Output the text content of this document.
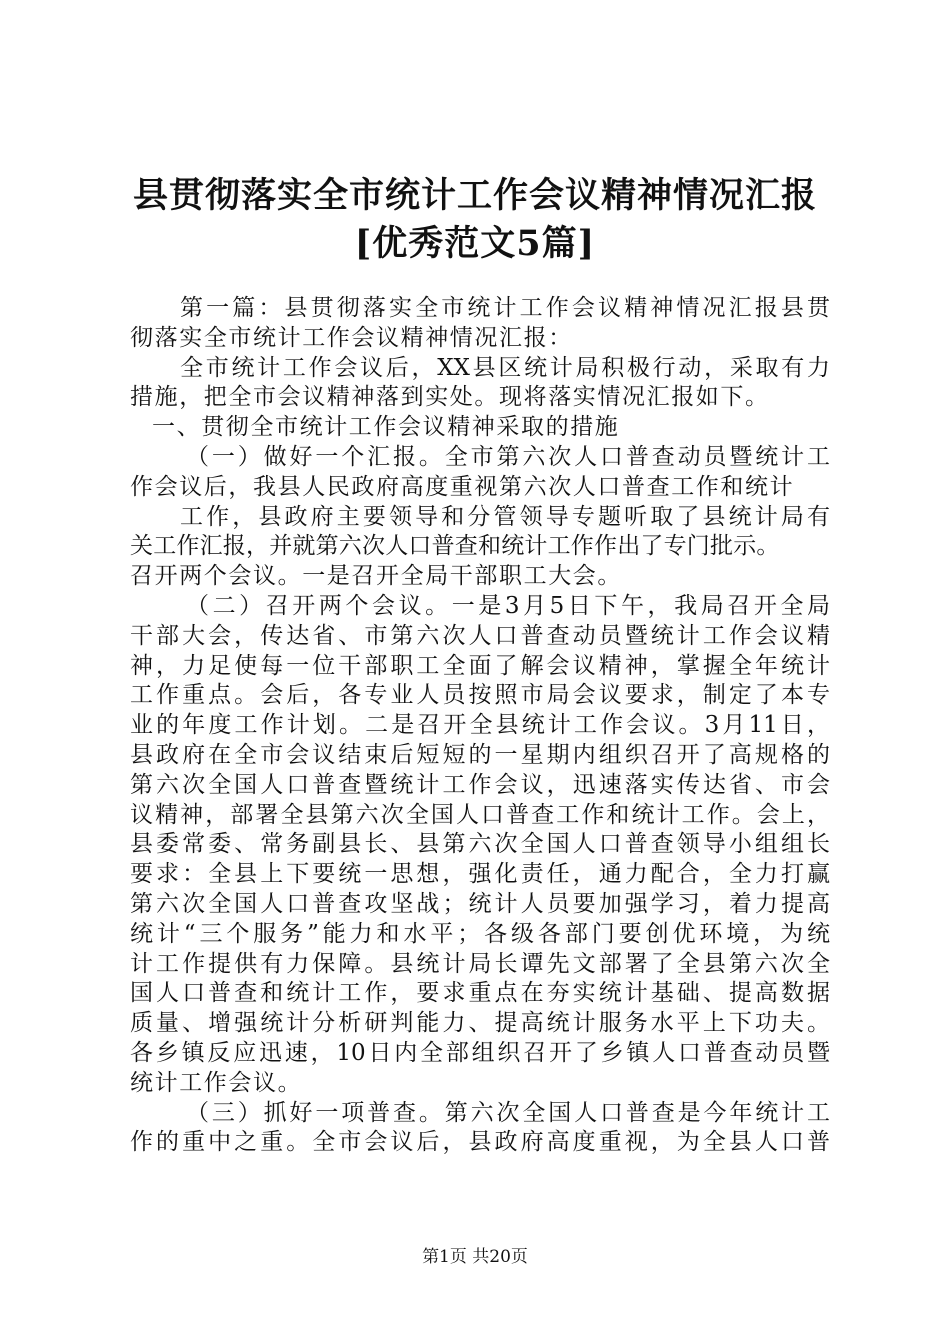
县贯彻落实全市统计工作会议精神情况汇报
[优秀范文5篇]
第一篇：县贯彻落实全市统计工作会议精神情况汇报县贯
彻落实全市统计工作会议精神情况汇报：
全市统计工作会议后，XX县区统计局积极行动，采取有力
措施，把全市会议精神落到实处。现将落实情况汇报如下。
一、贯彻全市统计工作会议精神采取的措施
（一）做好一个汇报。全市第六次人口普查动员暨统计工
作会议后，我县人民政府高度重视第六次人口普查工作和统计
工作，县政府主要领导和分管领导专题听取了县统计局有
关工作汇报，并就第六次人口普查和统计工作作出了专门批示。
召开两个会议。一是召开全局干部职工大会。
（二）召开两个会议。一是3月5日下午，我局召开全局
干部大会，传达省、市第六次人口普查动员暨统计工作会议精
神，力足使每一位干部职工全面了解会议精神，掌握全年统计
工作重点。会后，各专业人员按照市局会议要求，制定了本专
业的年度工作计划。二是召开全县统计工作会议。3月11日，
县政府在全市会议结束后短短的一星期内组织召开了高规格的
第六次全国人口普查暨统计工作会议，迅速落实传达省、市会
议精神，部署全县第六次全国人口普查工作和统计工作。会上，
县委常委、常务副县长、县第六次全国人口普查领导小组组长
要求：全县上下要统一思想，强化责任，通力配合，全力打赢
第六次全国人口普查攻坚战；统计人员要加强学习，着力提高
统计“三个服务”能力和水平；各级各部门要创优环境，为统
计工作提供有力保障。县统计局长谭先文部署了全县第六次全
国人口普查和统计工作，要求重点在夯实统计基础、提高数据
质量、增强统计分析研判能力、提高统计服务水平上下功夫。
各乡镇反应迅速，10日内全部组织召开了乡镇人口普查动员暨
统计工作会议。
（三）抓好一项普查。第六次全国人口普查是今年统计工
作的重中之重。全市会议后，县政府高度重视，为全县人口普
第1页 共20页
